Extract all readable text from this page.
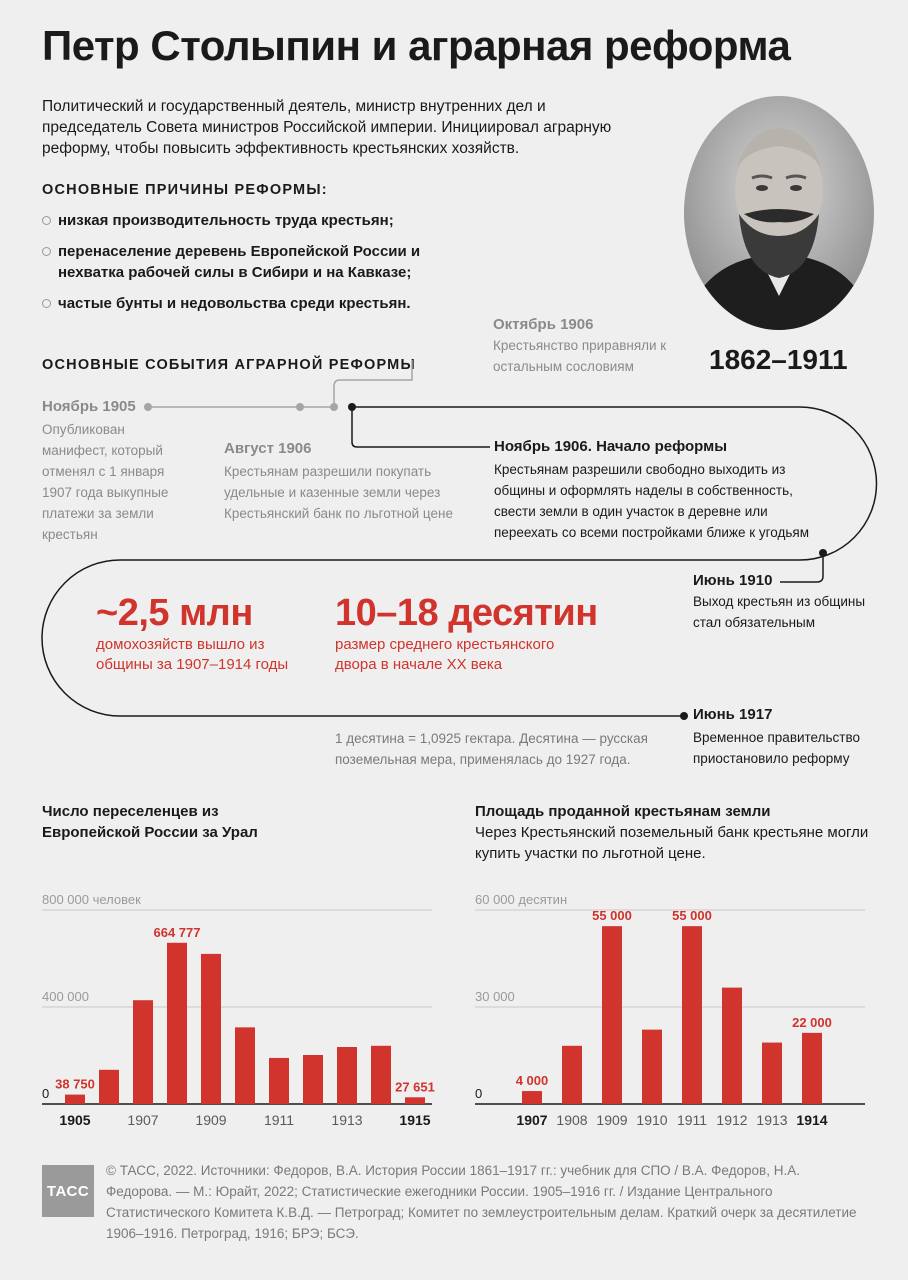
Петр Столыпин и аграрная реформа
Политический и государственный деятель, министр внутренних дел и председатель Совета министров Российской империи. Инициировал аграрную реформу, чтобы повысить эффективность крестьянских хозяйств.
ОСНОВНЫЕ ПРИЧИНЫ РЕФОРМЫ:
низкая производительность труда крестьян;
перенаселение деревень Европейской России и нехватка рабочей силы в Сибири и на Кавказе;
частые бунты и недовольства среди крестьян.
1862–1911
ОСНОВНЫЕ СОБЫТИЯ АГРАРНОЙ РЕФОРМЫ
Ноябрь 1905
Опубликован манифест, который отменял с 1 января 1907 года выкупные платежи за земли крестьян
Август 1906
Крестьянам разрешили покупать удельные и казенные земли через Крестьянский банк по льготной цене
Октябрь 1906
Крестьянство приравняли к остальным сословиям
Ноябрь 1906. Начало реформы
Крестьянам разрешили свободно выходить из общины и оформлять наделы в собственность, свести земли в один участок в деревне или переехать со всеми постройками ближе к угодьям
Июнь 1910
Выход крестьян из общины стал обязательным
Июнь 1917
Временное правительство приостановило реформу
~2,5 млн
домохозяйств вышло из общины за 1907–1914 годы
10–18 десятин
размер среднего крестьянского двора в начале XX века
1 десятина = 1,0925 гектара. Десятина — русская поземельная мера, применялась до 1927 года.
Число переселенцев из Европейской России за Урал
0
400 000
800 000 человек
1905
38 750
1907
664 777
1909	1911	1913	1915
27 651
Площадь проданной крестьянам земли
Через Крестьянский поземельный банк крестьяне могли купить участки по льготной цене.
0
30 000
60 000 десятин
1907
4 000
1908 1909
55 000
1910 1911
55 000
1912 1913 1914
22 000
ТАСС
© ТАСС, 2022. Источники: Федоров, В.А. История России 1861–1917 гг.: учебник для СПО / В.А. Федоров, Н.А. Федорова. — М.: Юрайт, 2022; Статистические ежегодники России. 1905–1916 гг. / Издание Центрального Статистического Комитета К.В.Д. — Петроград; Комитет по землеустроительным делам. Краткий очерк за десятилетие 1906–1916. Петроград, 1916; БРЭ; БСЭ.
